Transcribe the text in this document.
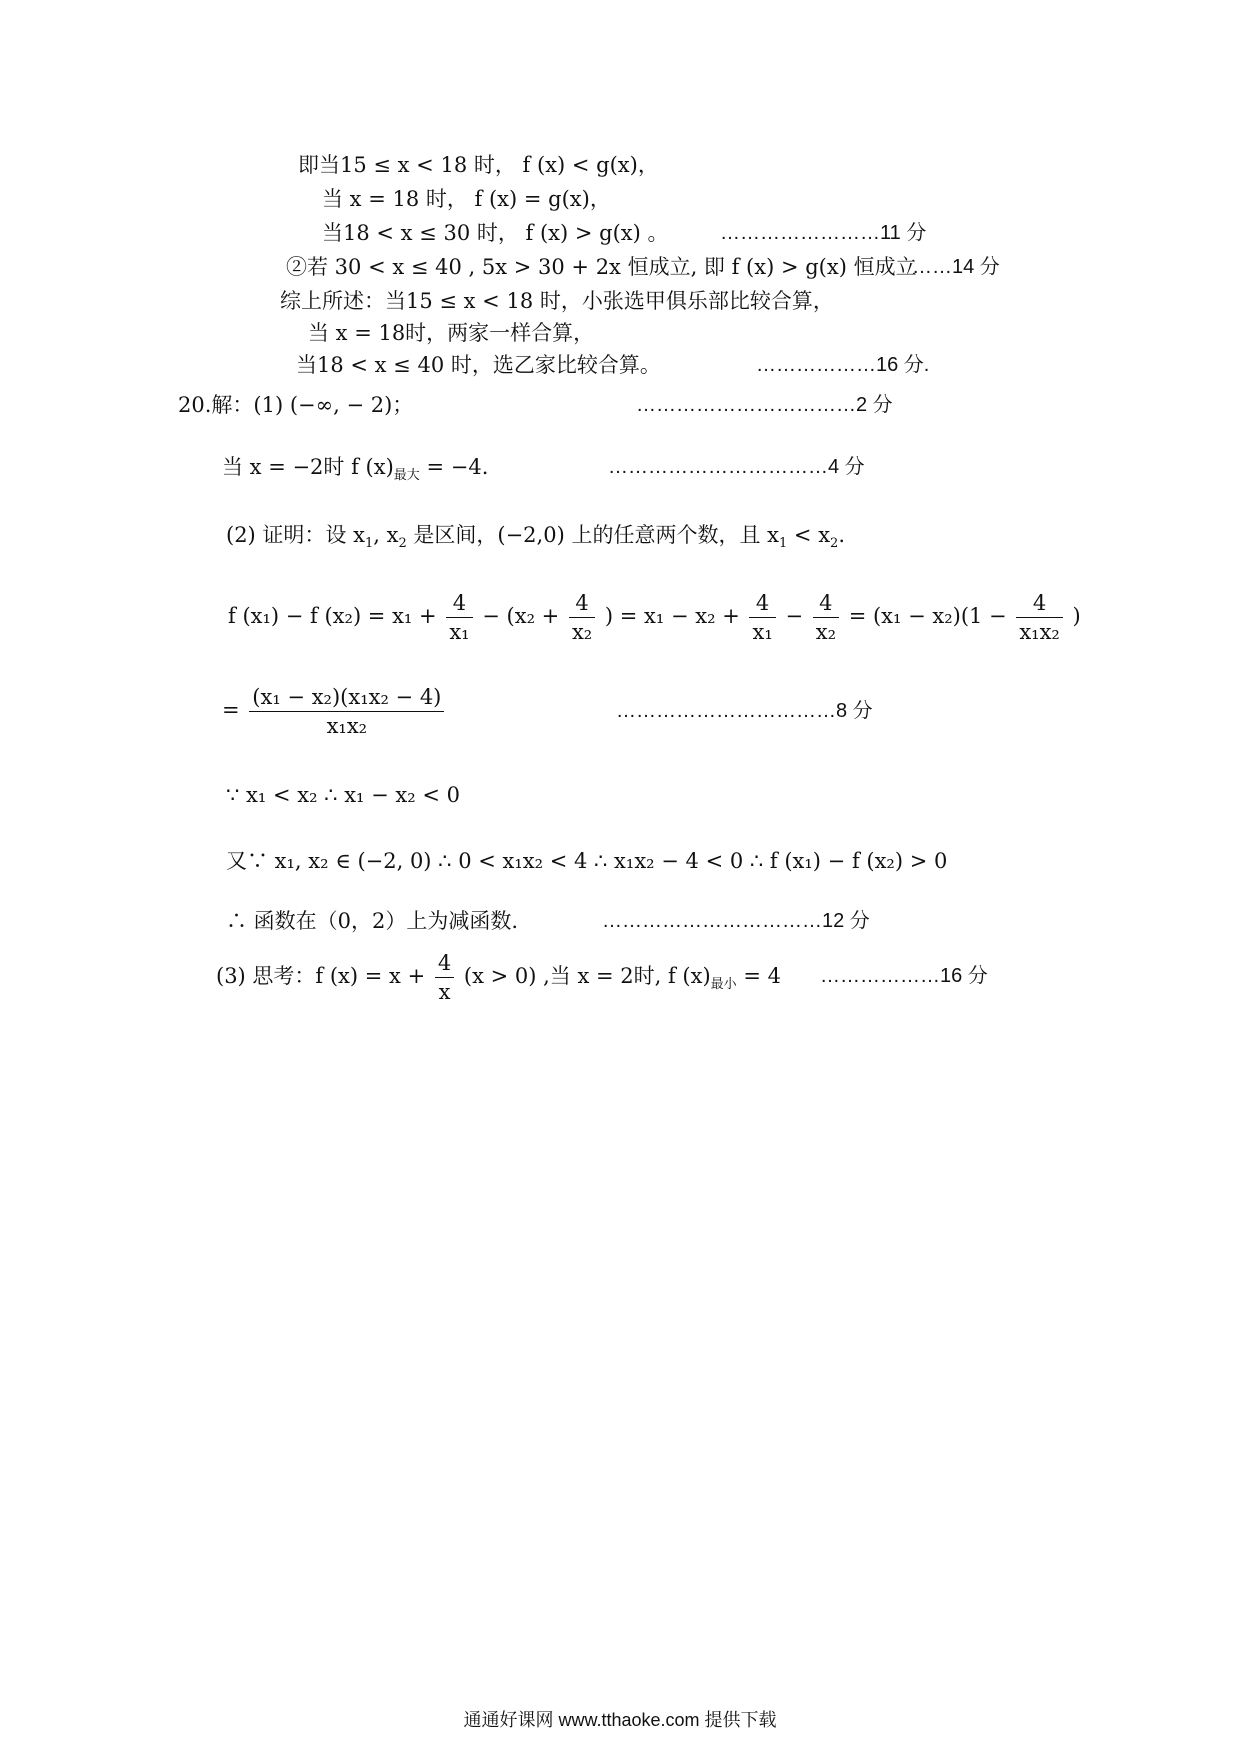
即当15 ≤ x < 18 时， f (x) < g(x)，
当 x = 18 时， f (x) = g(x)，
当18 < x ≤ 30 时， f (x) > g(x) 。	……………………11 分
②若 30 < x ≤ 40 , 5x > 30 + 2x 恒成立, 即 f (x) > g(x) 恒成立
……14 分
综上所述：当15 ≤ x < 18 时，小张选甲俱乐部比较合算，
当 x = 18时，两家一样合算，
当18 < x ≤ 40 时，选乙家比较合算。	………………16 分.
20.解：(1) (−∞, − 2)；	……………………………2 分
当 x = −2时 f $(x)_{最大} = -4$.	……………………………4 分
(2) 证明：设 $x_1$, $x_2$ 是区间，(−2,0) 上的任意两个数，且 $x_1 < x_2$.
f (x₁) − f $(x_2) = x_1 + \frac{4}{\text{x₁}} - (x_2 + \frac{4}{\text{x₂}}$ ) = $x_1 - x_2 + \frac{4}{\text{x₁}} - \frac{4}{\text{x₂}} = (x_1 - x_2)(1 - \frac{4}{\text{x₁x₂}}$ )
= $\frac{\text{(x₁ − x₂)(x₁x₂ − 4)}}{\text{x₁x₂}}$	……………………………8 分
∵ x₁ < x₂ ∴ x₁ − x₂ < 0
又∵ x₁, x₂ ∈ (−2, 0) ∴ 0 < x₁x₂ < 4 ∴ x₁x₂ − 4 < 0 ∴ f (x₁) − f (x₂) > 0
∴ 函数在（0，2）上为减函数.	……………………………12 分
(3) 思考：f $(x) = x + \frac{4}{x} (x > 0)$ ,当 x = 2时, f $(x)_{最小} = 4$ ………………16 分
通通好课网 www.tthaoke.com 提供下载
